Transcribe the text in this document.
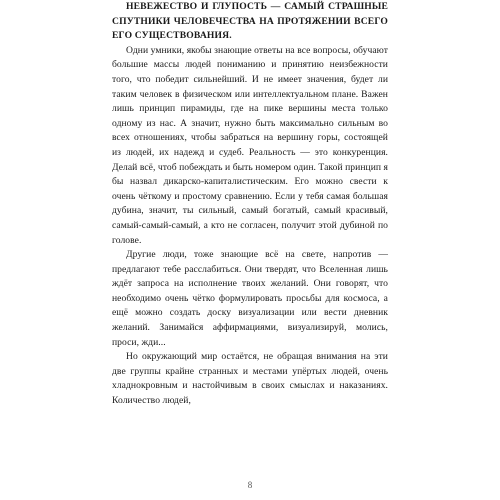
НЕВЕЖЕСТВО И ГЛУПОСТЬ — САМЫЙ СТРАШНЫЕ СПУТНИКИ ЧЕЛОВЕЧЕСТВА НА ПРОТЯЖЕНИИ ВСЕГО ЕГО СУЩЕСТВОВАНИЯ.

Одни умники, якобы знающие ответы на все вопросы, обучают большие массы людей пониманию и принятию неизбежности того, что победит сильнейший. И не имеет значения, будет ли таким человек в физическом или интеллектуальном плане. Важен лишь принцип пирамиды, где на пике вершины места только одному из нас. А значит, нужно быть максимально сильным во всех отношениях, чтобы забраться на вершину горы, состоящей из людей, их надежд и судеб. Реальность — это конкуренция. Делай всё, чтоб побеждать и быть номером один. Такой принцип я бы назвал дикарско-капиталистическим. Его можно свести к очень чёткому и простому сравнению. Если у тебя самая большая дубина, значит, ты сильный, самый богатый, самый красивый, самый-самый-самый, а кто не согласен, получит этой дубиной по голове.

Другие люди, тоже знающие всё на свете, напротив — предлагают тебе расслабиться. Они твердят, что Вселенная лишь ждёт запроса на исполнение твоих желаний. Они говорят, что необходимо очень чётко формулировать просьбы для космоса, а ещё можно создать доску визуализации или вести дневник желаний. Занимайся аффирмациями, визуализируй, молись, проси, жди...

Но окружающий мир остаётся, не обращая внимания на эти две группы крайне странных и местами упёртых людей, очень хладнокровным и настойчивым в своих смыслах и наказаниях. Количество людей,

8
